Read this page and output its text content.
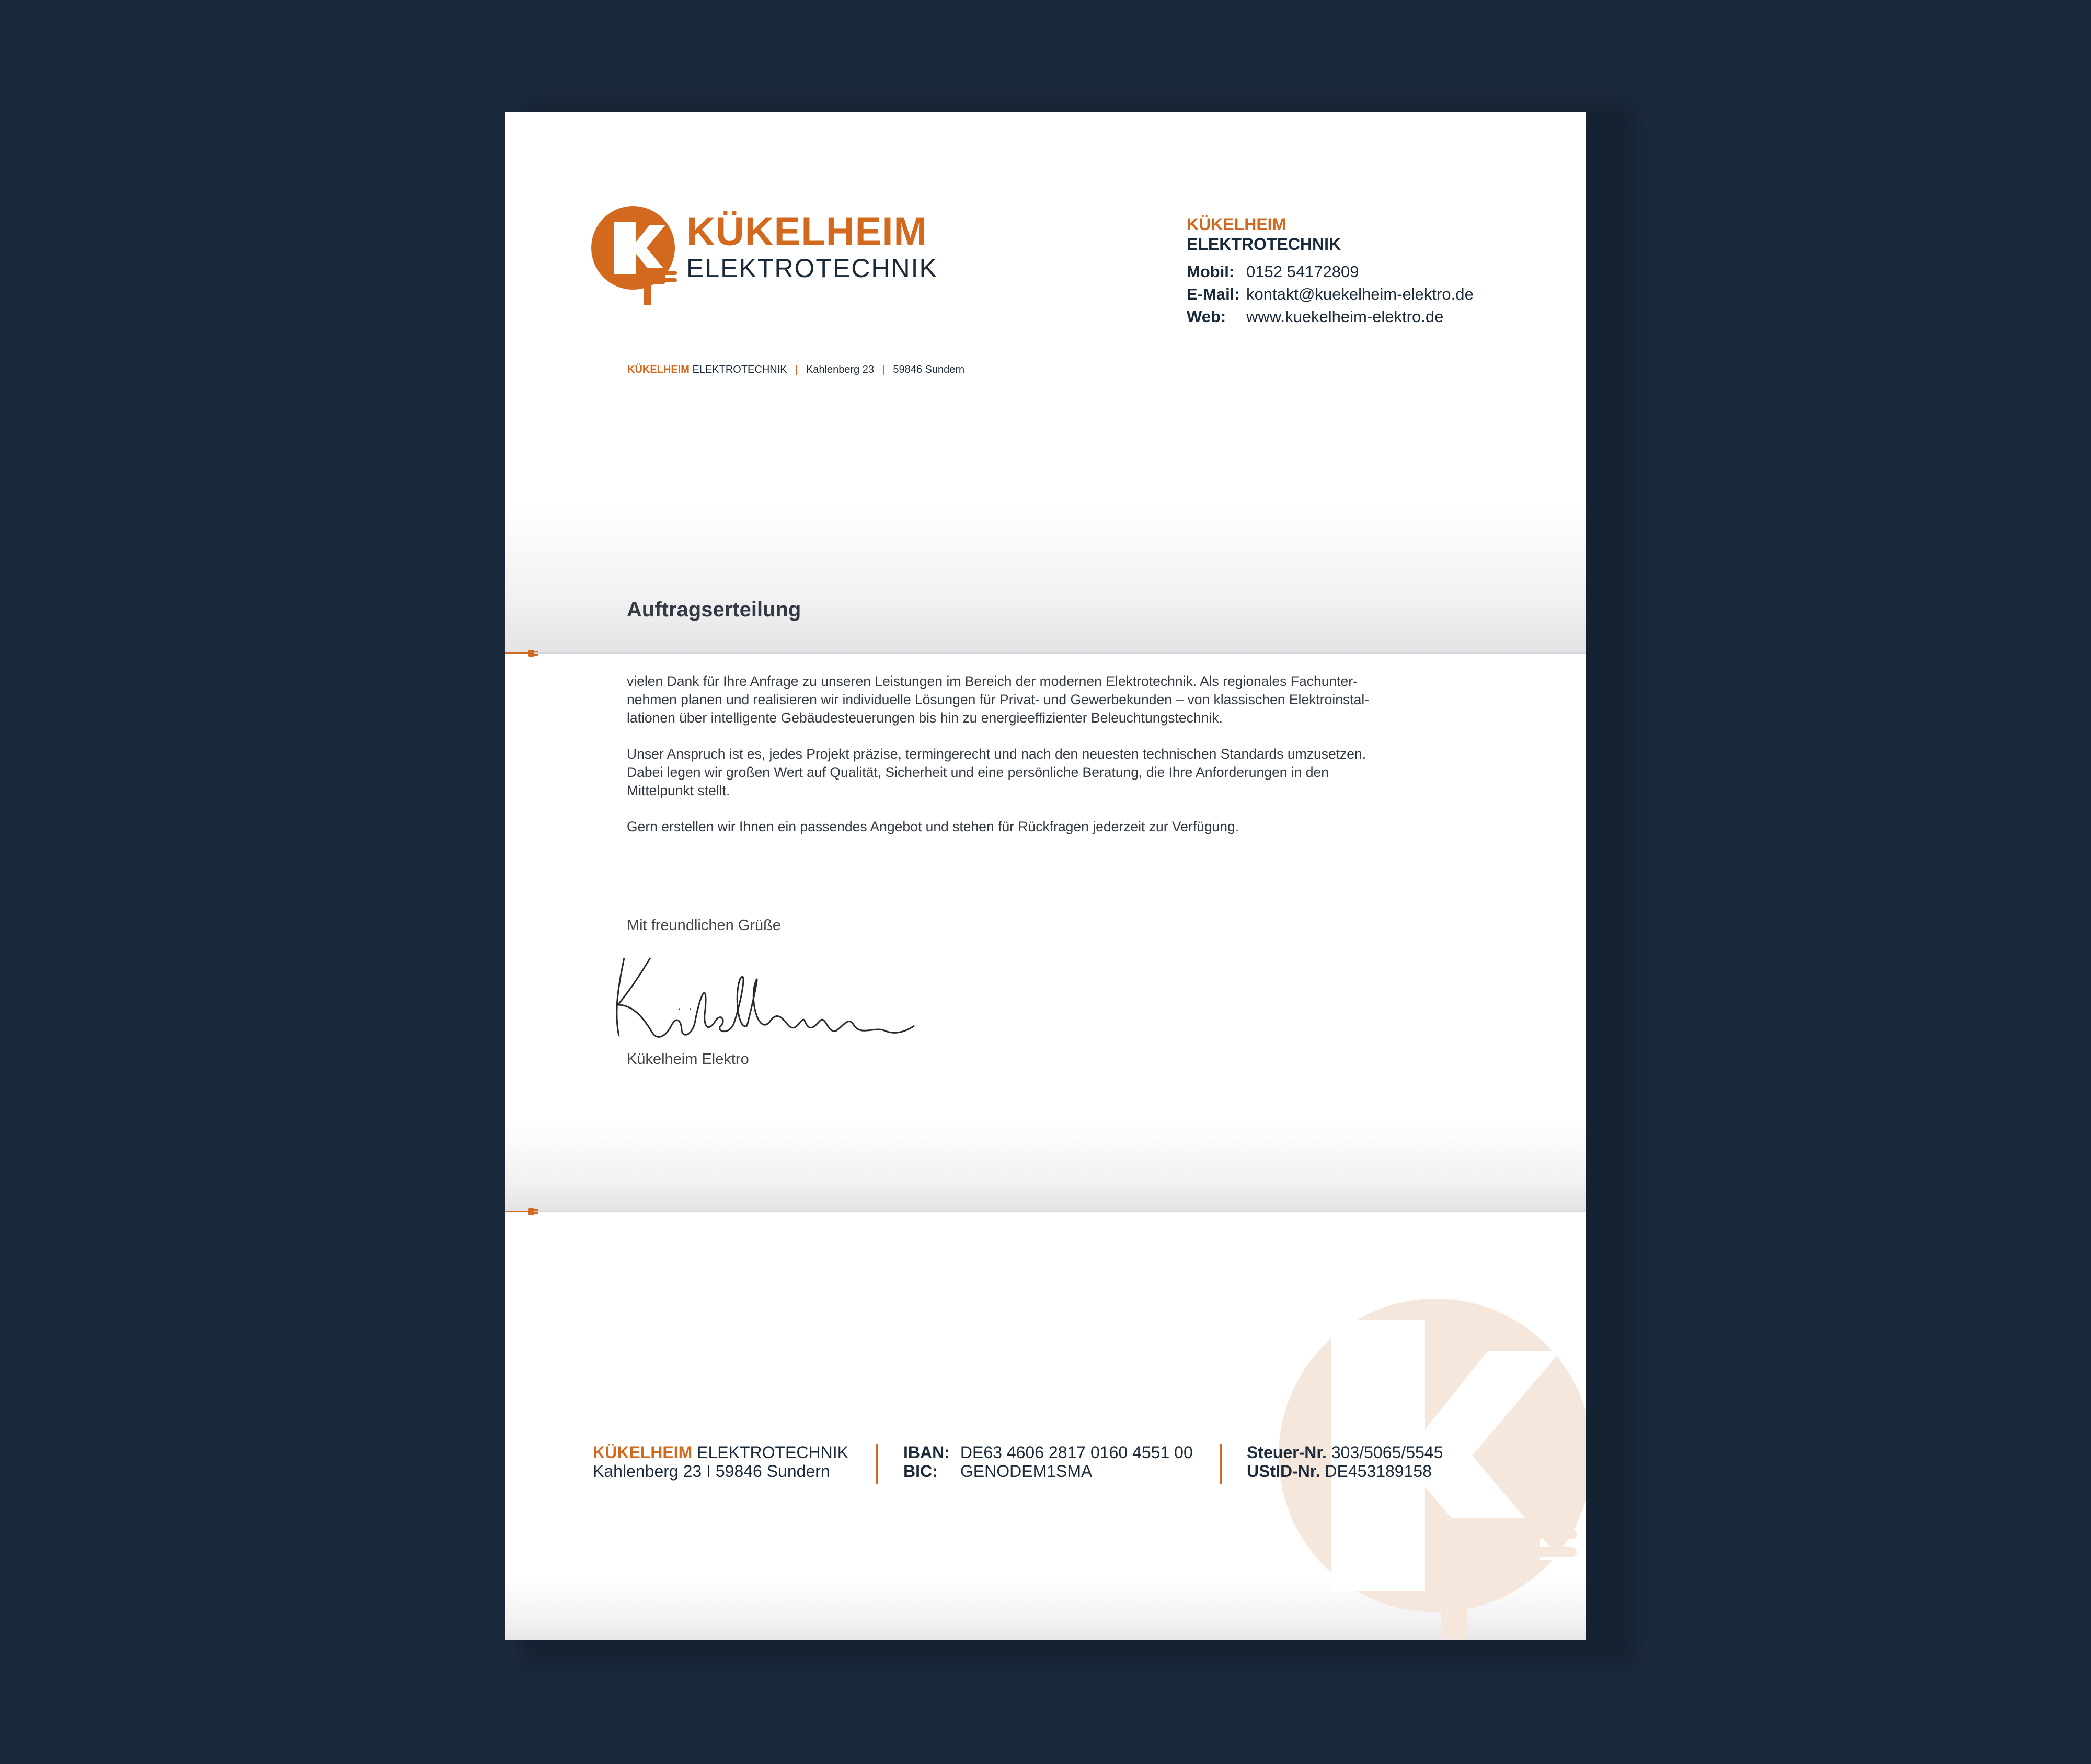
KÜKELHEIM
ELEKTROTECHNIK
KÜKELHEIM
ELEKTROTECHNIK
Mobil: 0152 54172809
E-Mail: kontakt@kuekelheim-elektro.de
Web: www.kuekelheim-elektro.de
KÜKELHEIM ELEKTROTECHNIK | Kahlenberg 23 | 59846 Sundern
Auftragserteilung

vielen Dank für Ihre Anfrage zu unseren Leistungen im Bereich der modernen Elektrotechnik. Als regionales Fachunter-
nehmen planen und realisieren wir individuelle Lösungen für Privat- und Gewerbekunden – von klassischen Elektroinstal-
lationen über intelligente Gebäudesteuerungen bis hin zu energieeffizienter Beleuchtungstechnik.

Unser Anspruch ist es, jedes Projekt präzise, termingerecht und nach den neuesten technischen Standards umzusetzen.
Dabei legen wir großen Wert auf Qualität, Sicherheit und eine persönliche Beratung, die Ihre Anforderungen in den
Mittelpunkt stellt.

Gern erstellen wir Ihnen ein passendes Angebot und stehen für Rückfragen jederzeit zur Verfügung.

Mit freundlichen Grüße
Kükelheim Elektro
KÜKELHEIM ELEKTROTECHNIK
Kahlenberg 23 I 59846 Sundern
IBAN: DE63 4606 2817 0160 4551 00
BIC: GENODEM1SMA
Steuer-Nr. 303/5065/5545
UStID-Nr. DE453189158
